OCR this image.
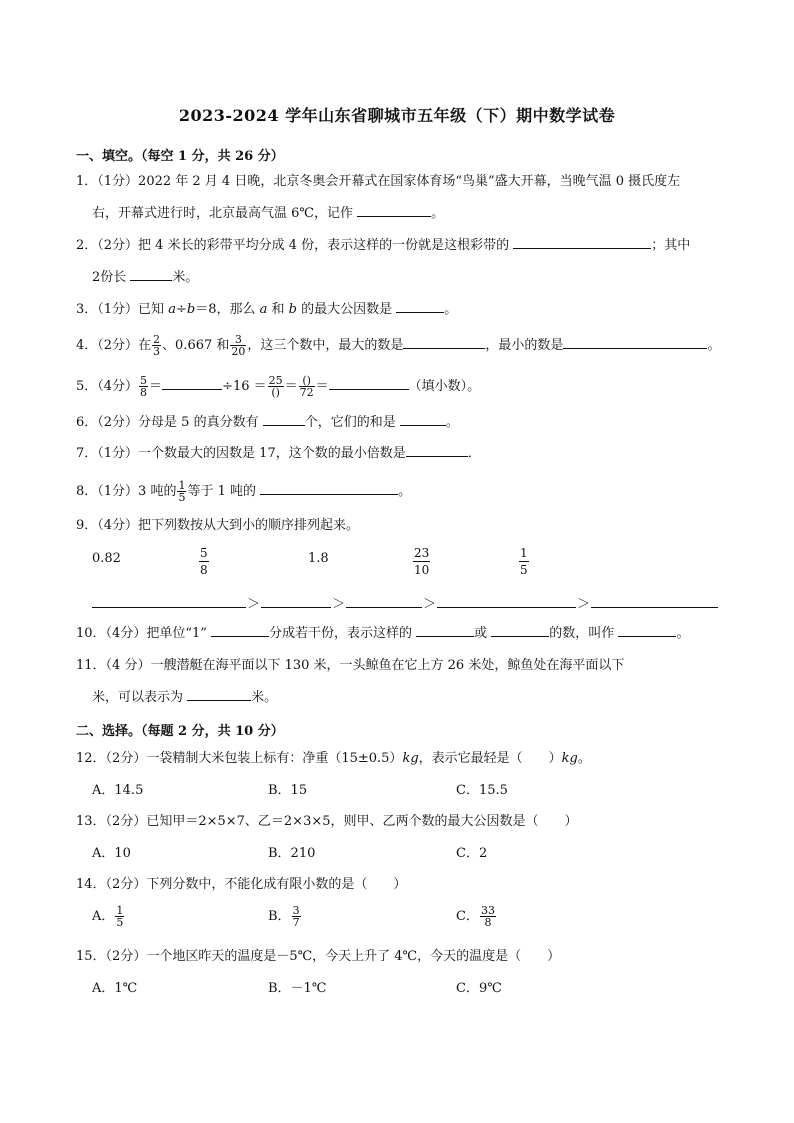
2023-2024 学年山东省聊城市五年级（下）期中数学试卷
一、填空。（每空 1 分，共 26 分）
1．（1分）2022 年 2 月 4 日晚，北京冬奥会开幕式在国家体育场“鸟巢”盛大开幕，当晚气温 0 摄氏度左
右，开幕式进行时，北京最高气温 6℃，记作	。
2．（2分）把 4 米长的彩带平均分成 4 份，表示这样的一份就是这根彩带的	；其中
2份长	米。
3．（1分）已知 a÷b＝8，那么 a 和 b 的最大公因数是	。
4．（2分）在 $\frac{2}{3}$ 、0.667 和 $\frac{3}{20}$ ，这三个数中，最大的数是	，最小的数是	。
5．（4分） $\frac{5}{8}$ ＝	$\div 16 = \frac{25}{()} = \frac{()}{72}$ ＝	（填小数）。
6．（2分）分母是 5 的真分数有	个，它们的和是	。
7．（1分）一个数最大的因数是 17，这个数的最小倍数是	．
8．（1分）3 吨的 $\frac{1}{5}$ 等于 1 吨的	。
9．（4分）把下列数按从大到小的顺序排列起来。
0.82	$\frac{5}{8}$	1.8	$\frac{23}{10}$	$\frac{1}{5}$
＞	＞	＞	＞
10．（4分）把单位“1”	分成若干份，表示这样的	或	的数，叫作	。
11．（4 分）一艘潜艇在海平面以下 130 米，一头鲸鱼在它上方 26 米处，鲸鱼处在海平面以下
米，可以表示为	米。
二、选择。（每题 2 分，共 10 分）
12．（2分）一袋精制大米包装上标有：净重（15±0.5）kg，表示它最轻是（　　）kg。
A．14.5	B．15	C．15.5
13．（2分）已知甲＝2×5×7、乙＝2×3×5，则甲、乙两个数的最大公因数是（　　）
A．10	B．210	C．2
14．（2分）下列分数中，不能化成有限小数的是（　　）
A． $\frac{1}{5}$	B． $\frac{3}{7}$	C． $\frac{33}{8}$
15．（2分）一个地区昨天的温度是－5℃，今天上升了 4℃，今天的温度是（　　）
A．1℃	B．－1℃	C．9℃
